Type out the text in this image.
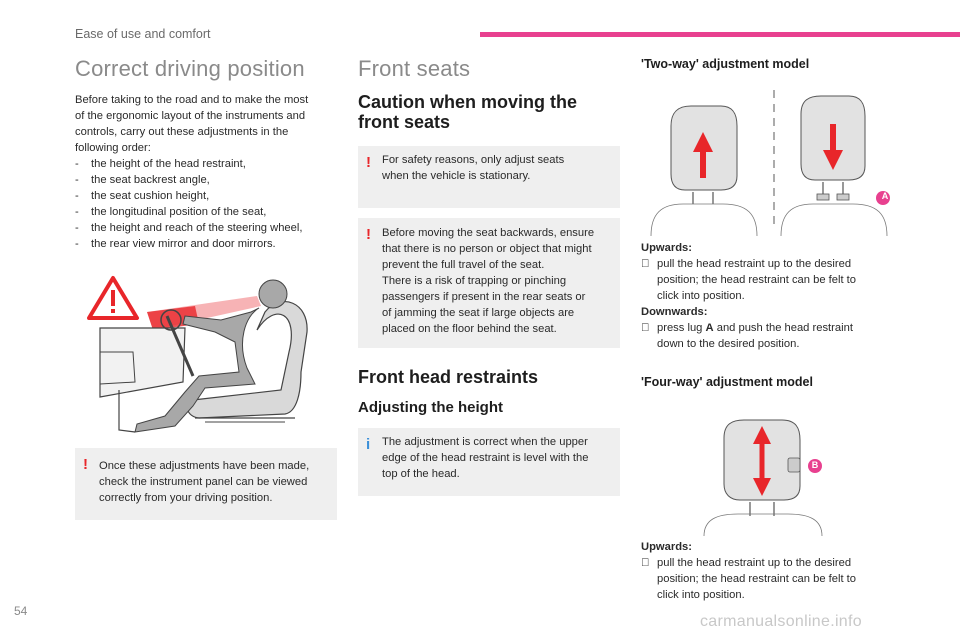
Ease of use and comfort
Correct driving position
Before taking to the road and to make the most
of the ergonomic layout of the instruments and
controls, carry out these adjustments in the
following order:
- the height of the head restraint,
- the seat backrest angle,
- the seat cushion height,
- the longitudinal position of the seat,
- the height and reach of the steering wheel,
- the rear view mirror and door mirrors.
! Once these adjustments have been made,
check the instrument panel can be viewed
correctly from your driving position.
Front seats
Caution when moving the
front seats
! For safety reasons, only adjust seats
when the vehicle is stationary.
! Before moving the seat backwards, ensure
that there is no person or object that might
prevent the full travel of the seat.
There is a risk of trapping or pinching
passengers if present in the rear seats or
of jamming the seat if large objects are
placed on the floor behind the seat.
Front head restraints
Adjusting the height
i The adjustment is correct when the upper
edge of the head restraint is level with the
top of the head.
'Two-way' adjustment model
A
Upwards:
pull the head restraint up to the desired
position; the head restraint can be felt to
click into position.
Downwards:
press lug A and push the head restraint
down to the desired position.
'Four-way' adjustment model
B
Upwards:
pull the head restraint up to the desired
position; the head restraint can be felt to
click into position.
54
carmanualsonline.info
